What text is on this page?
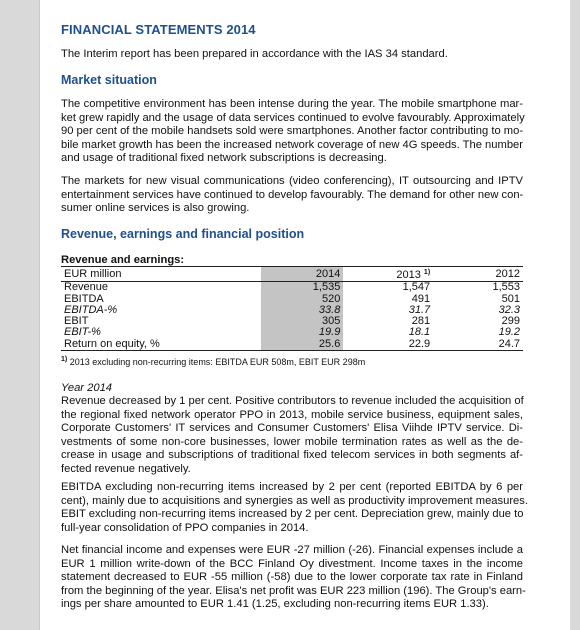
FINANCIAL STATEMENTS 2014
The Interim report has been prepared in accordance with the IAS 34 standard.
Market situation
The competitive environment has been intense during the year. The mobile smartphone mar-
ket grew rapidly and the usage of data services continued to evolve favourably. Approximately
90 per cent of the mobile handsets sold were smartphones. Another factor contributing to mo-
bile market growth has been the increased network coverage of new 4G speeds. The number
and usage of traditional fixed network subscriptions is decreasing.
The markets for new visual communications (video conferencing), IT outsourcing and IPTV
entertainment services have continued to develop favourably. The demand for other new con-
sumer online services is also growing.
Revenue, earnings and financial position
Revenue and earnings:
EUR million	2014	2013 $^{1)}$	2012
Revenue	1,535	1,547	1,553
EBITDA	520	491	501
EBITDA-%	33.8	31.7	32.3
EBIT	305	281	299
EBIT-%	19.9	18.1	19.2
Return on equity, %	25.6	22.9	24.7
$^{1)}$ 2013 excluding non-recurring items: EBITDA EUR 508m, EBIT EUR 298m
Year 2014
Revenue decreased by 1 per cent. Positive contributors to revenue included the acquisition of
the regional fixed network operator PPO in 2013, mobile service business, equipment sales,
Corporate Customers' IT services and Consumer Customers' Elisa Viihde IPTV service. Di-
vestments of some non-core businesses, lower mobile termination rates as well as the de-
crease in usage and subscriptions of traditional fixed telecom services in both segments af-
fected revenue negatively.
EBITDA excluding non-recurring items increased by 2 per cent (reported EBITDA by 6 per
cent), mainly due to acquisitions and synergies as well as productivity improvement measures.
EBIT excluding non-recurring items increased by 2 per cent. Depreciation grew, mainly due to
full-year consolidation of PPO companies in 2014.
Net financial income and expenses were EUR -27 million (-26). Financial expenses include a
EUR 1 million write-down of the BCC Finland Oy divestment. Income taxes in the income
statement decreased to EUR -55 million (-58) due to the lower corporate tax rate in Finland
from the beginning of the year. Elisa's net profit was EUR 223 million (196). The Group's earn-
ings per share amounted to EUR 1.41 (1.25, excluding non-recurring items EUR 1.33).
